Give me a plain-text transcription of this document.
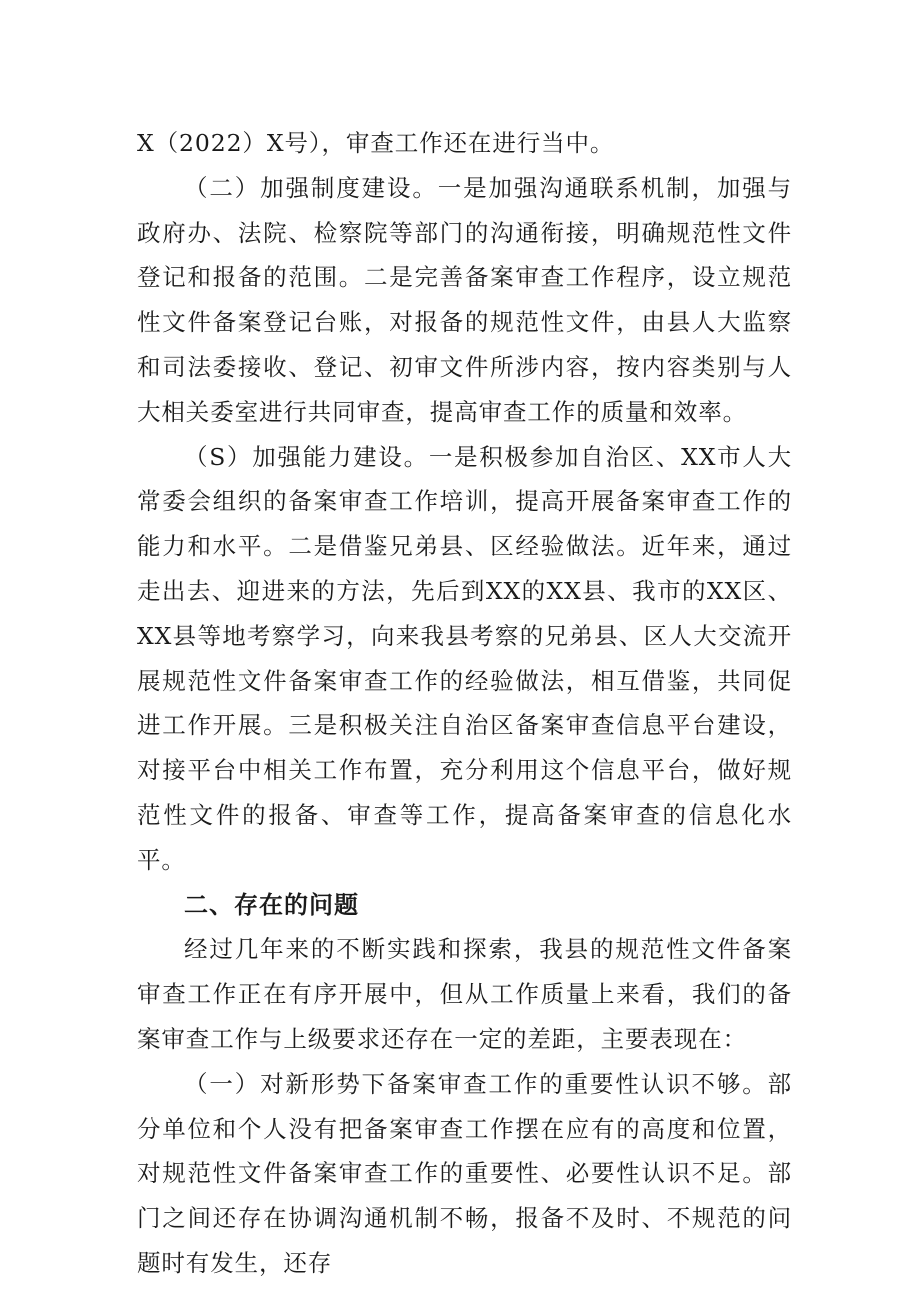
X（2022）X号），审查工作还在进行当中。

（二）加强制度建设。一是加强沟通联系机制，加强与政府办、法院、检察院等部门的沟通衔接，明确规范性文件登记和报备的范围。二是完善备案审查工作程序，设立规范性文件备案登记台账，对报备的规范性文件，由县人大监察和司法委接收、登记、初审文件所涉内容，按内容类别与人大相关委室进行共同审查，提高审查工作的质量和效率。

（S）加强能力建设。一是积极参加自治区、XX市人大常委会组织的备案审查工作培训，提高开展备案审查工作的能力和水平。二是借鉴兄弟县、区经验做法。近年来，通过走出去、迎进来的方法，先后到XX的XX县、我市的XX区、XX县等地考察学习，向来我县考察的兄弟县、区人大交流开展规范性文件备案审查工作的经验做法，相互借鉴，共同促进工作开展。三是积极关注自治区备案审查信息平台建设，对接平台中相关工作布置，充分利用这个信息平台，做好规范性文件的报备、审查等工作，提高备案审查的信息化水平。

二、存在的问题

经过几年来的不断实践和探索，我县的规范性文件备案审查工作正在有序开展中，但从工作质量上来看，我们的备案审查工作与上级要求还存在一定的差距，主要表现在：

（一）对新形势下备案审查工作的重要性认识不够。部分单位和个人没有把备案审查工作摆在应有的高度和位置，对规范性文件备案审查工作的重要性、必要性认识不足。部门之间还存在协调沟通机制不畅，报备不及时、不规范的问题时有发生，还存
